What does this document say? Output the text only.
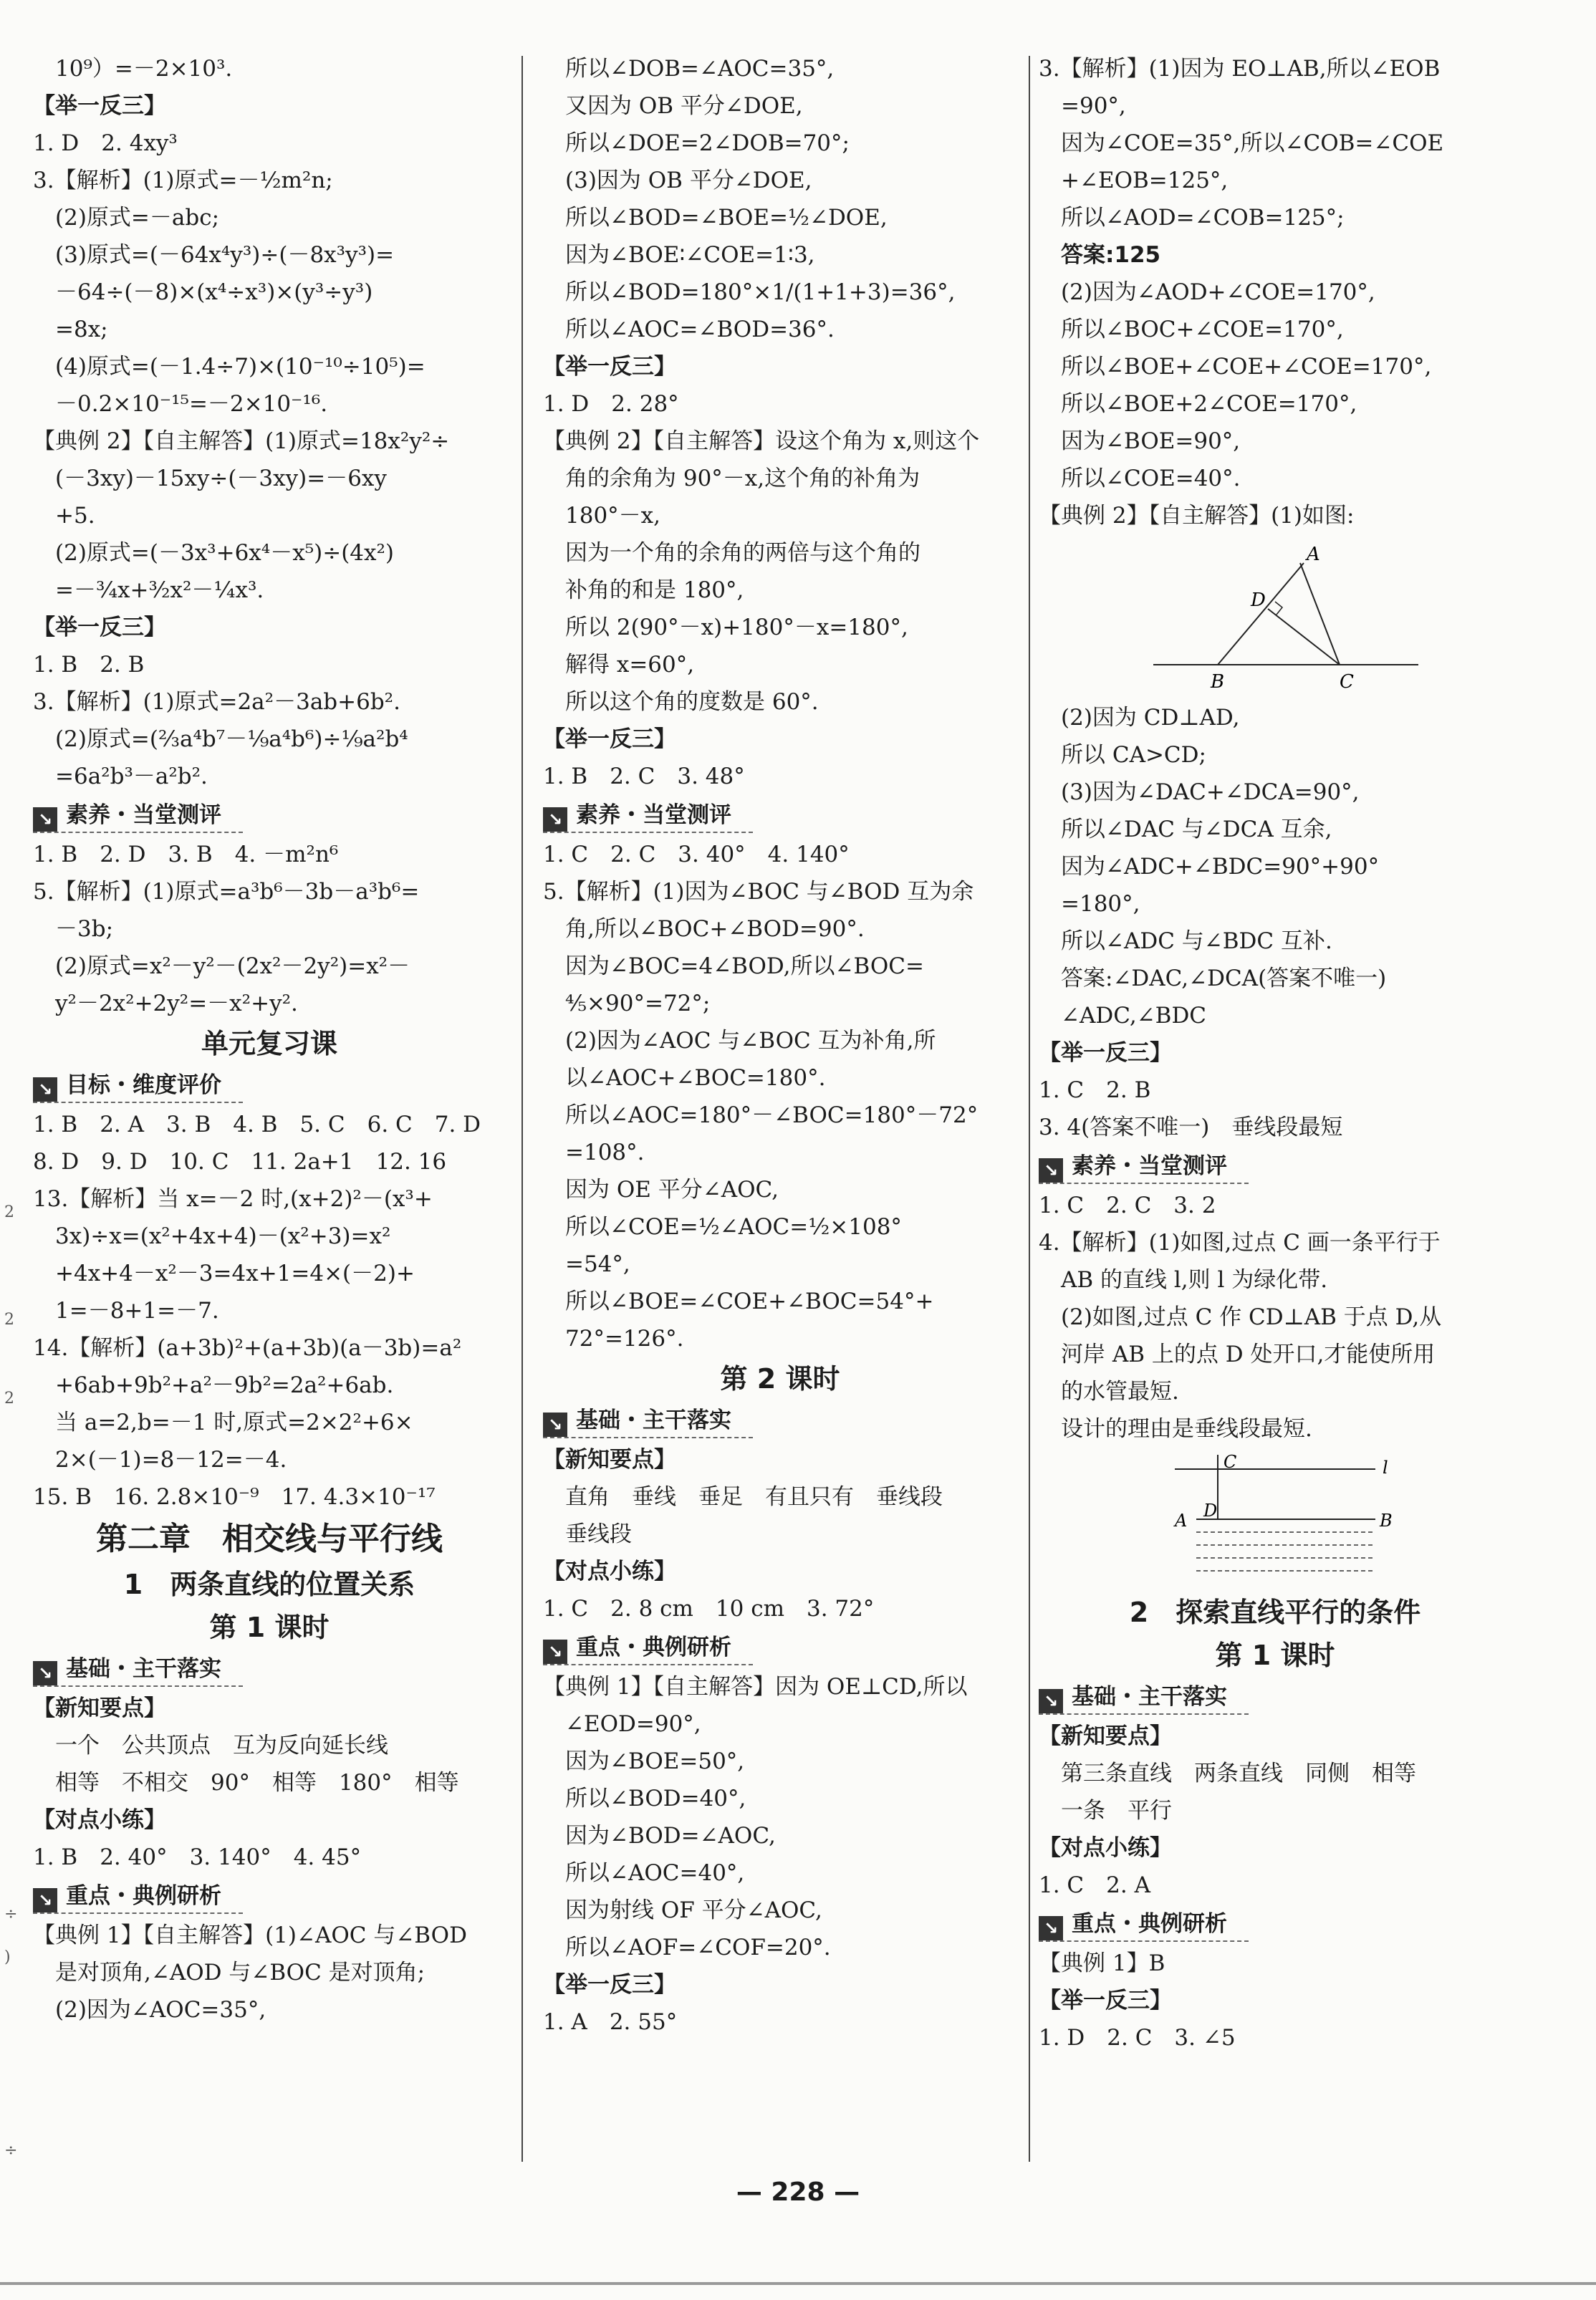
2
2
2
÷
)
÷
　10⁹）=－2×10³.
【举一反三】
1. D　2. 4xy³
3.【解析】(1)原式=－½m²n;
　(2)原式=－abc;
　(3)原式=(－64x⁴y³)÷(－8x³y³)=
　－64÷(－8)×(x⁴÷x³)×(y³÷y³)
　=8x;
　(4)原式=(－1.4÷7)×(10⁻¹⁰÷10⁵)=
　－0.2×10⁻¹⁵=－2×10⁻¹⁶.
【典例 2】【自主解答】(1)原式=18x²y²÷
　(－3xy)－15xy÷(－3xy)=－6xy
　+5.
　(2)原式=(－3x³+6x⁴－x⁵)÷(4x²)
　=－¾x+³⁄₂x²－¼x³.
【举一反三】
1. B　2. B
3.【解析】(1)原式=2a²－3ab+6b².
　(2)原式=(⅔a⁴b⁷－⅑a⁴b⁶)÷⅑a²b⁴
　=6a²b³－a²b².
↘ 素养・当堂测评
1. B　2. D　3. B　4. －m²n⁶
5.【解析】(1)原式=a³b⁶－3b－a³b⁶=
　－3b;
　(2)原式=x²－y²－(2x²－2y²)=x²－
　y²－2x²+2y²=－x²+y².
单元复习课
↘ 目标・维度评价
1. B　2. A　3. B　4. B　5. C　6. C　7. D
8. D　9. D　10. C　11. 2a+1　12. 16
13.【解析】当 x=－2 时,(x+2)²－(x³+
　3x)÷x=(x²+4x+4)－(x²+3)=x²
　+4x+4－x²－3=4x+1=4×(－2)+
　1=－8+1=－7.
14.【解析】(a+3b)²+(a+3b)(a－3b)=a²
　+6ab+9b²+a²－9b²=2a²+6ab.
　当 a=2,b=－1 时,原式=2×2²+6×
　2×(－1)=8－12=－4.
15. B　16. 2.8×10⁻⁹　17. 4.3×10⁻¹⁷
第二章　相交线与平行线
1　两条直线的位置关系
第 1 课时
↘ 基础・主干落实
【新知要点】
　一个　公共顶点　互为反向延长线
　相等　不相交　90°　相等　180°　相等
【对点小练】
1. B　2. 40°　3. 140°　4. 45°
↘ 重点・典例研析
【典例 1】【自主解答】(1)∠AOC 与∠BOD
　是对顶角,∠AOD 与∠BOC 是对顶角;
　(2)因为∠AOC=35°,
　所以∠DOB=∠AOC=35°,
　又因为 OB 平分∠DOE,
　所以∠DOE=2∠DOB=70°;
　(3)因为 OB 平分∠DOE,
　所以∠BOD=∠BOE=½∠DOE,
　因为∠BOE∶∠COE=1∶3,
　所以∠BOD=180°×1/(1+1+3)=36°,
　所以∠AOC=∠BOD=36°.
【举一反三】
1. D　2. 28°
【典例 2】【自主解答】设这个角为 x,则这个
　角的余角为 90°－x,这个角的补角为
　180°－x,
　因为一个角的余角的两倍与这个角的
　补角的和是 180°,
　所以 2(90°－x)+180°－x=180°,
　解得 x=60°,
　所以这个角的度数是 60°.
【举一反三】
1. B　2. C　3. 48°
↘ 素养・当堂测评
1. C　2. C　3. 40°　4. 140°
5.【解析】(1)因为∠BOC 与∠BOD 互为余
　角,所以∠BOC+∠BOD=90°.
　因为∠BOC=4∠BOD,所以∠BOC=
　⅘×90°=72°;
　(2)因为∠AOC 与∠BOC 互为补角,所
　以∠AOC+∠BOC=180°.
　所以∠AOC=180°－∠BOC=180°－72°
　=108°.
　因为 OE 平分∠AOC,
　所以∠COE=½∠AOC=½×108°
　=54°,
　所以∠BOE=∠COE+∠BOC=54°+
　72°=126°.
第 2 课时
↘ 基础・主干落实
【新知要点】
　直角　垂线　垂足　有且只有　垂线段
　垂线段
【对点小练】
1. C　2. 8 cm　10 cm　3. 72°
↘ 重点・典例研析
【典例 1】【自主解答】因为 OE⊥CD,所以
　∠EOD=90°,
　因为∠BOE=50°,
　所以∠BOD=40°,
　因为∠BOD=∠AOC,
　所以∠AOC=40°,
　因为射线 OF 平分∠AOC,
　所以∠AOF=∠COF=20°.
【举一反三】
1. A　2. 55°
3.【解析】(1)因为 EO⊥AB,所以∠EOB
　=90°,
　因为∠COE=35°,所以∠COB=∠COE
　+∠EOB=125°,
　所以∠AOD=∠COB=125°;
　答案:125
　(2)因为∠AOD+∠COE=170°,
　所以∠BOC+∠COE=170°,
　所以∠BOE+∠COE+∠COE=170°,
　所以∠BOE+2∠COE=170°,
　因为∠BOE=90°,
　所以∠COE=40°.
【典例 2】【自主解答】(1)如图:
A
D
B	C
　(2)因为 CD⊥AD,
　所以 CA>CD;
　(3)因为∠DAC+∠DCA=90°,
　所以∠DAC 与∠DCA 互余,
　因为∠ADC+∠BDC=90°+90°
　=180°,
　所以∠ADC 与∠BDC 互补.
　答案:∠DAC,∠DCA(答案不唯一)
　∠ADC,∠BDC
【举一反三】
1. C　2. B
3. 4(答案不唯一)　垂线段最短
↘ 素养・当堂测评
1. C　2. C　3. 2
4.【解析】(1)如图,过点 C 画一条平行于
　AB 的直线 l,则 l 为绿化带.
　(2)如图,过点 C 作 CD⊥AB 于点 D,从
　河岸 AB 上的点 D 处开口,才能使所用
　的水管最短.
　设计的理由是垂线段最短.
C	l
D
A	B
2　探索直线平行的条件
第 1 课时
↘ 基础・主干落实
【新知要点】
　第三条直线　两条直线　同侧　相等
　一条　平行
【对点小练】
1. C　2. A
↘ 重点・典例研析
【典例 1】B
【举一反三】
1. D　2. C　3. ∠5
— 228 —
